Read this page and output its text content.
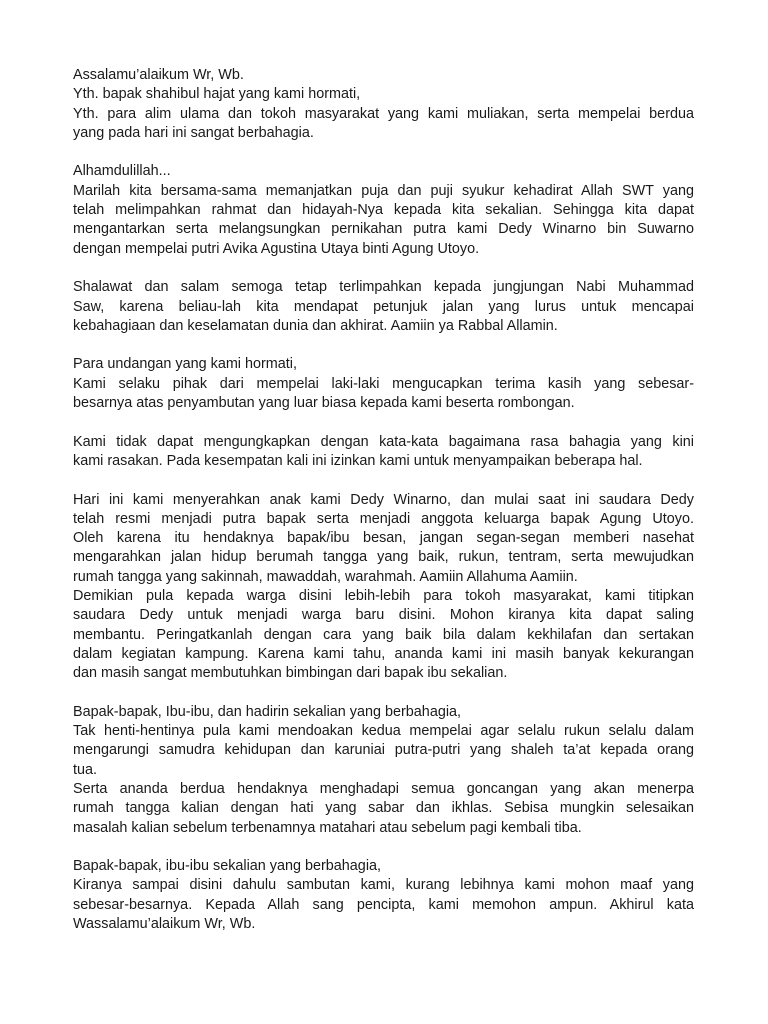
Assalamu’alaikum Wr, Wb.
Yth. bapak shahibul hajat yang kami hormati,
Yth. para alim ulama dan tokoh masyarakat yang kami muliakan, serta mempelai berdua
yang pada hari ini sangat berbahagia.
Alhamdulillah...
Marilah kita bersama-sama memanjatkan puja dan puji syukur kehadirat Allah SWT yang
telah melimpahkan rahmat dan hidayah-Nya kepada kita sekalian. Sehingga kita dapat
mengantarkan serta melangsungkan pernikahan putra kami Dedy Winarno bin Suwarno
dengan mempelai putri Avika Agustina Utaya binti Agung Utoyo.
Shalawat dan salam semoga tetap terlimpahkan kepada jungjungan Nabi Muhammad
Saw, karena beliau-lah kita mendapat petunjuk jalan yang lurus untuk mencapai
kebahagiaan dan keselamatan dunia dan akhirat. Aamiin ya Rabbal Allamin.
Para undangan yang kami hormati,
Kami selaku pihak dari mempelai laki-laki mengucapkan terima kasih yang sebesar-
besarnya atas penyambutan yang luar biasa kepada kami beserta rombongan.
Kami tidak dapat mengungkapkan dengan kata-kata bagaimana rasa bahagia yang kini
kami rasakan. Pada kesempatan kali ini izinkan kami untuk menyampaikan beberapa hal.
Hari ini kami menyerahkan anak kami Dedy Winarno, dan mulai saat ini saudara Dedy
telah resmi menjadi putra bapak serta menjadi anggota keluarga bapak Agung Utoyo.
Oleh karena itu hendaknya bapak/ibu besan, jangan segan-segan memberi nasehat
mengarahkan jalan hidup berumah tangga yang baik, rukun, tentram, serta mewujudkan
rumah tangga yang sakinnah, mawaddah, warahmah. Aamiin Allahuma Aamiin.
Demikian pula kepada warga disini lebih-lebih para tokoh masyarakat, kami titipkan
saudara Dedy untuk menjadi warga baru disini. Mohon kiranya kita dapat saling
membantu. Peringatkanlah dengan cara yang baik bila dalam kekhilafan dan sertakan
dalam kegiatan kampung. Karena kami tahu, ananda kami ini masih banyak kekurangan
dan masih sangat membutuhkan bimbingan dari bapak ibu sekalian.
Bapak-bapak, Ibu-ibu, dan hadirin sekalian yang berbahagia,
Tak henti-hentinya pula kami mendoakan kedua mempelai agar selalu rukun selalu dalam
mengarungi samudra kehidupan dan karuniai putra-putri yang shaleh ta’at kepada orang
tua.
Serta ananda berdua hendaknya menghadapi semua goncangan yang akan menerpa
rumah tangga kalian dengan hati yang sabar dan ikhlas. Sebisa mungkin selesaikan
masalah kalian sebelum terbenamnya matahari atau sebelum pagi kembali tiba.
Bapak-bapak, ibu-ibu sekalian yang berbahagia,
Kiranya sampai disini dahulu sambutan kami, kurang lebihnya kami mohon maaf yang
sebesar-besarnya. Kepada Allah sang pencipta, kami memohon ampun. Akhirul kata
Wassalamu’alaikum Wr, Wb.
